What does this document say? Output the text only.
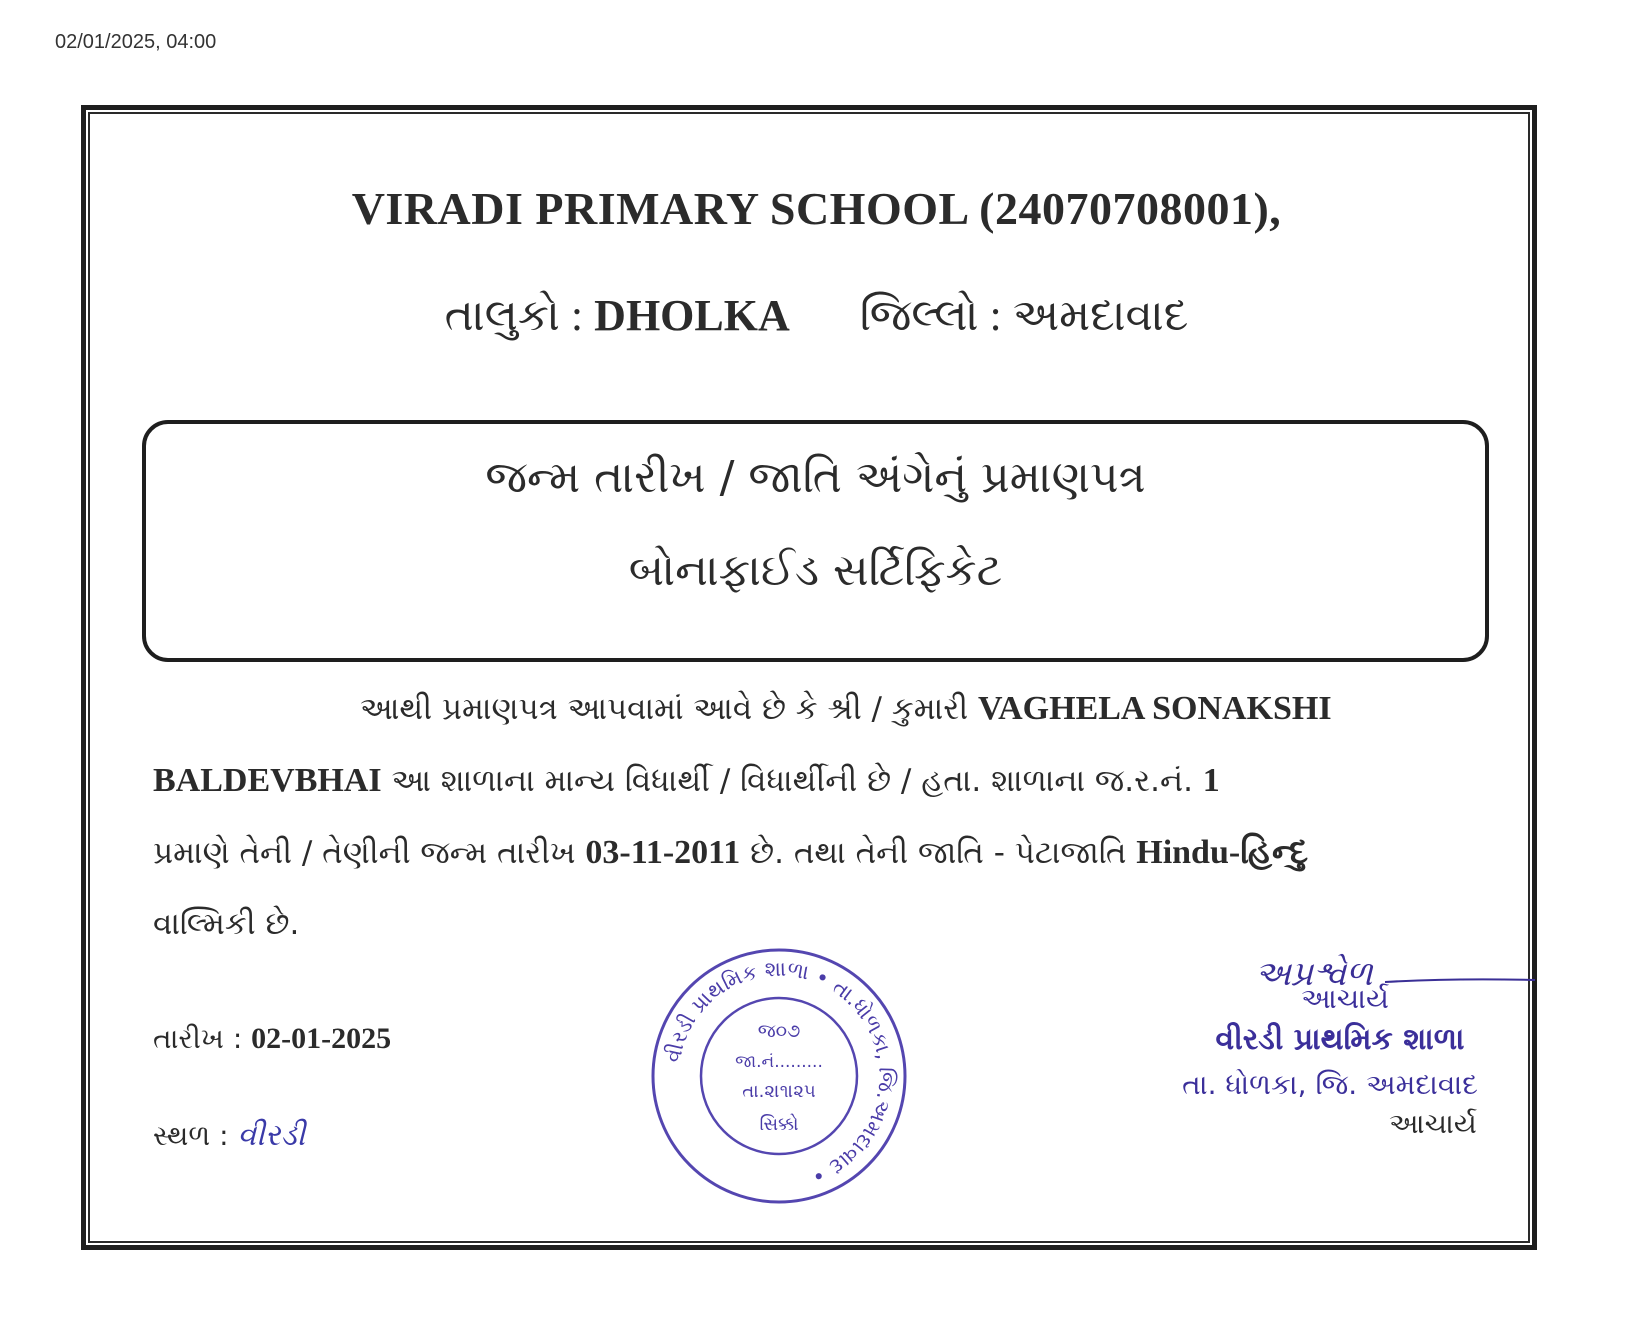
02/01/2025, 04:00
VIRADI PRIMARY SCHOOL (24070708001),
તાલુકો : DHOLKA જિલ્લો : અમદાવાદ
જન્મ તારીખ / જાતિ અંગેનું પ્રમાણપત્ર
બોનાફાઈડ સર્ટિફિકેટ
આથી પ્રમાણપત્ર આપવામાં આવે છે કે શ્રી / કુમારી VAGHELA SONAKSHI
BALDEVBHAI આ શાળાના માન્ય વિધાર્થી / વિધાર્થીની છે / હતા. શાળાના જ.ર.નં. 1
પ્રમાણે તેની / તેણીની જન્મ તારીખ 03-11-2011 છે. તથા તેની જાતિ - પેટાજાતિ Hindu-હિન્દુ
વાલ્મિકી છે.
તારીખ : 02-01-2025
સ્થળ : વીરડી
વીરડી પ્રાથમિક શાળા • તા.ધોળકા, જિ.અમદાવાદ •
જ૦૭
જા.નં.........
તા.૨।૧।૨૫
સિક્કો
અપ્રશ્વેળ
આચાર્ય
વીરડી પ્રાથમિક શાળા
તા. ધોળકા, જિ. અમદાવાદ
આચાર્ય
